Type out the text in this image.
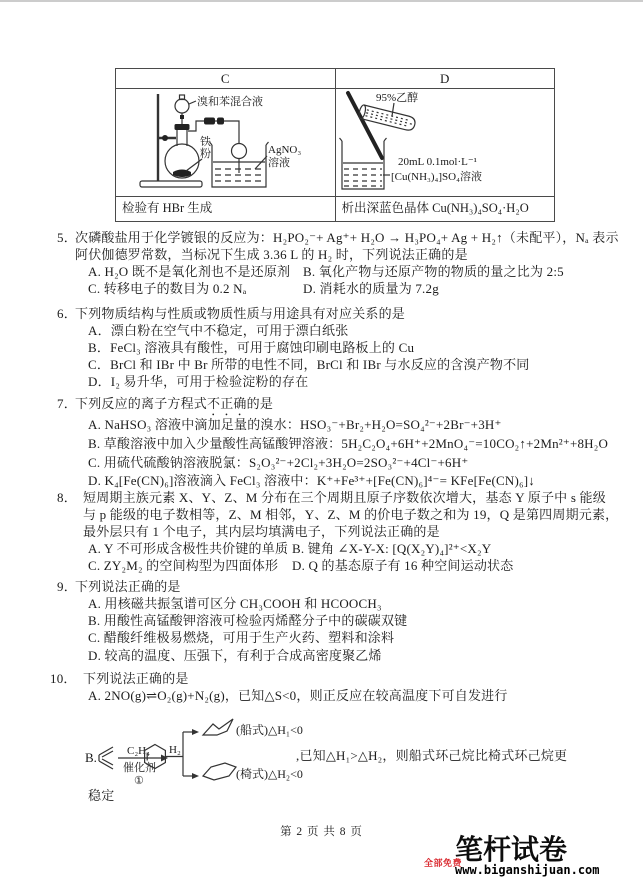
C	D

溴和苯混合液
铁
粉 AgNO₃
溶液	95%乙醇
20mL 0.1mol·L⁻¹
[Cu(NH₃)₄]SO₄溶液

检验有 HBr 生成	析出深蓝色晶体 Cu(NH₃)₄SO₄·H₂O
5．次磷酸盐用于化学镀银的反应为：H₂PO₂⁻+ Ag⁺+ H₂O → H₃PO₄+ Ag + H₂↑（未配平），Nₐ 表示
阿伏伽德罗常数，当标况下生成 3.36 L 的 H₂ 时，下列说法正确的是
A. H₂O 既不是氧化剂也不是还原剂 B. 氧化产物与还原产物的物质的量之比为 2:5
C. 转移电子的数目为 0.2 Nₐ	D. 消耗水的质量为 7.2g
6．下列物质结构与性质或物质性质与用途具有对应关系的是
A．漂白粉在空气中不稳定，可用于漂白纸张
B．FeCl₃ 溶液具有酸性，可用于腐蚀印刷电路板上的 Cu
C．BrCl 和 IBr 中 Br 所带的电性不同，BrCl 和 IBr 与水反应的含溴产物不同
D．I₂ 易升华，可用于检验淀粉的存在
7．下列反应的离子方程式不正确的是
A. NaHSO₃ 溶液中滴加足量的溴水：HSO₃⁻+Br₂+H₂O=SO₄²⁻+2Br⁻+3H⁺
B. 草酸溶液中加入少量酸性高锰酸钾溶液：5H₂C₂O₄+6H⁺+2MnO₄⁻=10CO₂↑+2Mn²⁺+8H₂O
C. 用硫代硫酸钠溶液脱氯：S₂O₃²⁻+2Cl₂+3H₂O=2SO₃²⁻+4Cl⁻+6H⁺
D. K₄[Fe(CN)₆]溶液滴入 FeCl₃ 溶液中：K⁺+Fe³⁺+[Fe(CN)₆]⁴⁻= KFe[Fe(CN)₆]↓
8． 短周期主族元素 X、Y、Z、M 分布在三个周期且原子序数依次增大，基态 Y 原子中 s 能级
与 p 能级的电子数相等，Z、M 相邻，Y、Z、M 的价电子数之和为 19，Q 是第四周期元素，
最外层只有 1 个电子，其内层均填满电子，下列说法正确的是
A. Y 不可形成含极性共价键的单质 B. 键角 ∠X-Y-X: [Q(X₂Y)₄]²⁺<X₂Y
C. ZY₂M₂ 的空间构型为四面体形 D. Q 的基态原子有 16 种空间运动状态
9．下列说法正确的是
A. 用核磁共振氢谱可区分 CH₃COOH 和 HCOOCH₃
B. 用酸性高锰酸钾溶液可检验丙烯醛分子中的碳碳双键
C. 醋酸纤维极易燃烧，可用于生产火药、塑料和涂料
D. 较高的温度、压强下，有利于合成高密度聚乙烯
10． 下列说法正确的是
A. 2NO(g)⇌O₂(g)+N₂(g)，已知△S<0，则正反应在较高温度下可自发进行
B.	C₂H₄
催化剂
①
H₂
(船式)△H₁<0
(椅式)△H₂<0
,已知△H₁>△H₂，则船式环己烷比椅式环己烷更
稳定
第 2 页 共 8 页
全部免费
笔杆试卷
www.biganshijuan.com
